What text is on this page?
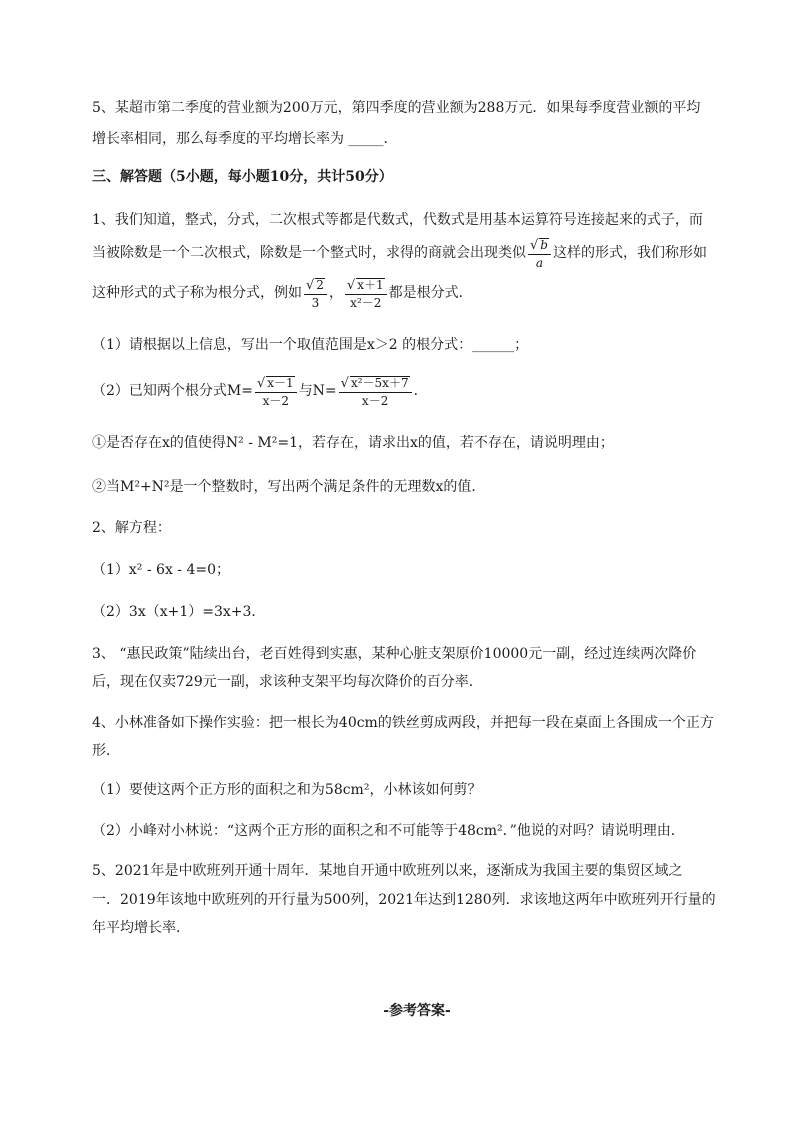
5、某超市第二季度的营业额为200万元，第四季度的营业额为288万元．如果每季度营业额的平均
增长率相同，那么每季度的平均增长率为 _____．
三、解答题（5小题，每小题10分，共计50分）
1、我们知道，整式，分式，二次根式等都是代数式，代数式是用基本运算符号连接起来的式子，而
当被除数是一个二次根式，除数是一个整式时，求得的商就会出现类似 $\frac{√ b}{a}$ 这样的形式，我们称形如
这种形式的式子称为根分式，例如 $\frac{√ 2}{3}$ ， $\frac{√ x+1}{\text{x²－2}}$ 都是根分式．
（1）请根据以上信息，写出一个取值范围是x＞2 的根分式：______；
（2）已知两个根分式$M= \frac{√ x-1}{x-2}$ 与$N= \frac{\text{√ x²－5x＋7}}{x-2}$ ．
①是否存在x的值使得N² - M²=1，若存在，请求出x的值，若不存在，请说明理由；
②当M²+N²是一个整数时，写出两个满足条件的无理数x的值．
2、解方程：
（1）x² - 6x - 4=0；
（2）3x（x+1）=3x+3．
3、 “惠民政策”陆续出台，老百姓得到实惠，某种心脏支架原价10000元一副，经过连续两次降价
后，现在仅卖729元一副，求该种支架平均每次降价的百分率．
4、小林准备如下操作实验：把一根长为40cm的铁丝剪成两段，并把每一段在桌面上各围成一个正方
形．
（1）要使这两个正方形的面积之和为58cm²，小林该如何剪？
（2）小峰对小林说：“这两个正方形的面积之和不可能等于48cm²．”他说的对吗？请说明理由．
5、2021年是中欧班列开通十周年．某地自开通中欧班列以来，逐渐成为我国主要的集贸区域之
一．2019年该地中欧班列的开行量为500列，2021年达到1280列．求该地这两年中欧班列开行量的
年平均增长率．
-参考答案-
